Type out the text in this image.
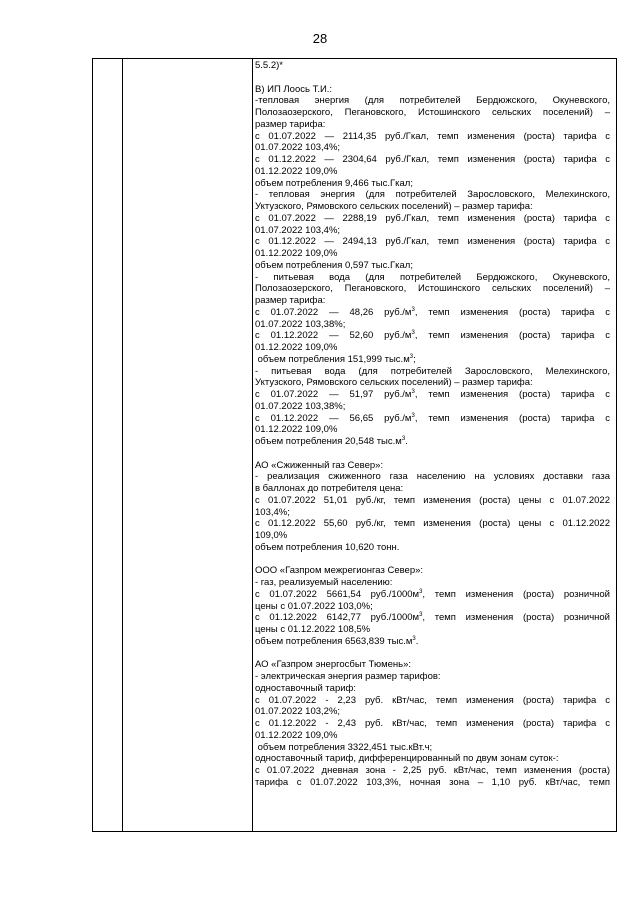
28
5.5.2)*
В) ИП Лоось Т.И.:
-тепловая энергия (для потребителей Бердюжского, Окуневского,
Полозаозерского, Пегановского, Истошинского сельских поселений) –
размер тарифа:
с 01.07.2022 — 2114,35 руб./Гкал, темп изменения (роста) тарифа с
01.07.2022 103,4%;
с 01.12.2022 — 2304,64 руб./Гкал, темп изменения (роста) тарифа с
01.12.2022 109,0%
объем потребления 9,466 тыс.Гкал;
- тепловая энергия (для потребителей Зарословского, Мелехинского,
Уктузского, Рямовского сельских поселений) – размер тарифа:
с 01.07.2022 — 2288,19 руб./Гкал, темп изменения (роста) тарифа с
01.07.2022 103,4%;
с 01.12.2022 — 2494,13 руб./Гкал, темп изменения (роста) тарифа с
01.12.2022 109,0%
объем потребления 0,597 тыс.Гкал;
- питьевая вода (для потребителей Бердюжского, Окуневского,
Полозаозерского, Пегановского, Истошинского сельских поселений) –
размер тарифа:
с 01.07.2022 — 48,26 $руб./м^3$, темп изменения (роста) тарифа с
01.07.2022 103,38%;
с 01.12.2022 — 52,60 $руб./м^3$, темп изменения (роста) тарифа с
01.12.2022 109,0%
объем потребления 151,999 $тыс.м^3$;
- питьевая вода (для потребителей Зарословского, Мелехинского,
Уктузского, Рямовского сельских поселений) – размер тарифа:
с 01.07.2022 — 51,97 $руб./м^3$, темп изменения (роста) тарифа с
01.07.2022 103,38%;
с 01.12.2022 — 56,65 $руб./м^3$, темп изменения (роста) тарифа с
01.12.2022 109,0%
объем потребления 20,548 $тыс.м^3$.
АО «Сжиженный газ Север»:
- реализация сжиженного газа населению на условиях доставки газа
в баллонах до потребителя цена:
с 01.07.2022 51,01 руб./кг, темп изменения (роста) цены с 01.07.2022
103,4%;
с 01.12.2022 55,60 руб./кг, темп изменения (роста) цены с 01.12.2022
109,0%
объем потребления 10,620 тонн.
ООО «Газпром межрегионгаз Север»:
- газ, реализуемый населению:
с 01.07.2022 5661,54 $руб./1000м^3$, темп изменения (роста) розничной
цены с 01.07.2022 103,0%;
с 01.12.2022 6142,77 $руб./1000м^3$, темп изменения (роста) розничной
цены с 01.12.2022 108,5%
объем потребления 6563,839 $тыс.м^3$.
АО «Газпром энергосбыт Тюмень»:
- электрическая энергия размер тарифов:
одноставочный тариф:
с 01.07.2022 - 2,23 руб. кВт/час, темп изменения (роста) тарифа с
01.07.2022 103,2%;
с 01.12.2022 - 2,43 руб. кВт/час, темп изменения (роста) тарифа с
01.12.2022 109,0%
объем потребления 3322,451 тыс.кВт.ч;
одноставочный тариф, дифференцированный по двум зонам суток-:
с 01.07.2022 дневная зона - 2,25 руб. кВт/час, темп изменения (роста)
тарифа с 01.07.2022 103,3%, ночная зона – 1,10 руб. кВт/час, темп
